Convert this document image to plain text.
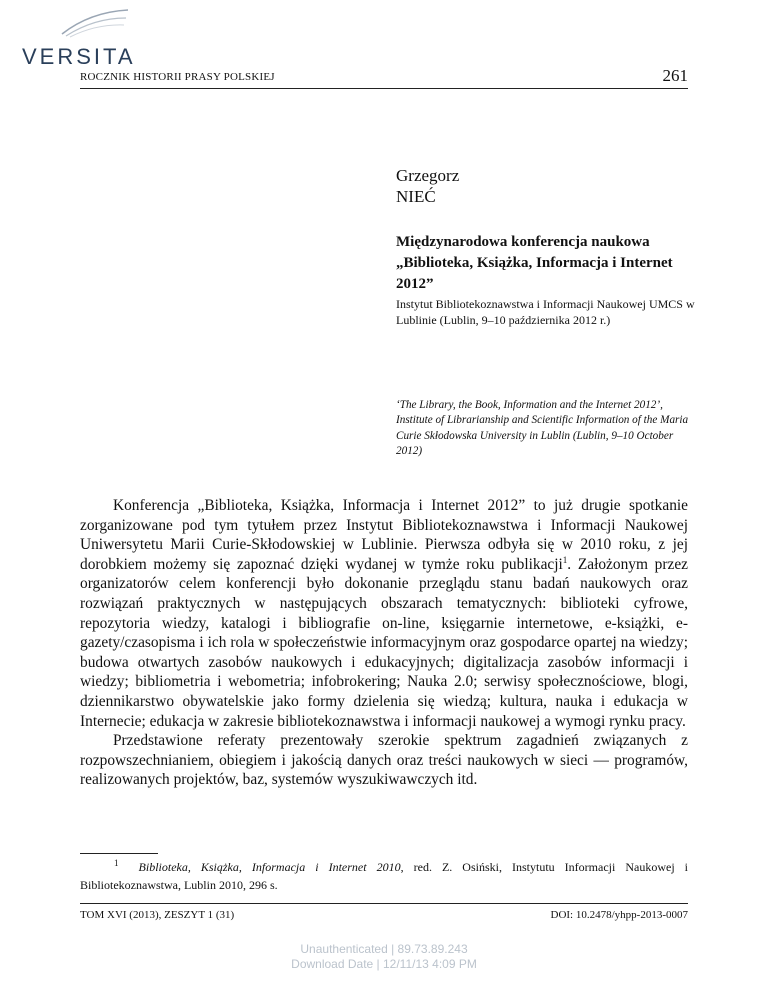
VERSITA
ROCZNIK HISTORII PRASY POLSKIEJ	261
Grzegorz
NIEĆ
Międzynarodowa konferencja naukowa „Biblioteka, Książka, Informacja i Internet 2012”
Instytut Bibliotekoznawstwa i Informacji Naukowej UMCS w Lublinie (Lublin, 9–10 października 2012 r.)
‘The Library, the Book, Information and the Internet 2012’, Institute of Librarianship and Scientific Information of the Maria Curie Skłodowska University in Lublin (Lublin, 9–10 October 2012)

Konferencja „Biblioteka, Książka, Informacja i Internet 2012” to już drugie spotkanie zorganizowane pod tym tytułem przez Instytut Bibliotekoznawstwa i Informacji Naukowej Uniwersytetu Marii Curie-Skłodowskiej w Lublinie. Pierwsza odbyła się w 2010 roku, z jej dorobkiem możemy się zapoznać dzięki wydanej w tymże roku publikacji$^1$. Założonym przez organizatorów celem konferencji było dokonanie przeglądu stanu badań naukowych oraz rozwiązań praktycznych w następujących obszarach tematycznych: biblioteki cyfrowe, repozytoria wiedzy, katalogi i bibliografie on-line, księgarnie internetowe, e-książki, e-gazety/czasopisma i ich rola w społeczeństwie informacyjnym oraz gospodarce opartej na wiedzy; budowa otwartych zasobów naukowych i edukacyjnych; digitalizacja zasobów informacji i wiedzy; bibliometria i webometria; infobrokering; Nauka 2.0; serwisy społecznościowe, blogi, dziennikarstwo obywatelskie jako formy dzielenia się wiedzą; kultura, nauka i edukacja w Internecie; edukacja w zakresie bibliotekoznawstwa i informacji naukowej a wymogi rynku pracy.

Przedstawione referaty prezentowały szerokie spektrum zagadnień związanych z rozpowszechnianiem, obiegiem i jakością danych oraz treści naukowych w sieci — programów, realizowanych projektów, baz, systemów wyszukiwawczych itd.

$^1$ Biblioteka, Książka, Informacja i Internet 2010, red. Z. Osiński, Instytutu Informacji Naukowej i Bibliotekoznawstwa, Lublin 2010, 296 s.
TOM XVI (2013), ZESZYT 1 (31)	DOI: 10.2478/yhpp-2013-0007
Unauthenticated | 89.73.89.243
Download Date | 12/11/13 4:09 PM
